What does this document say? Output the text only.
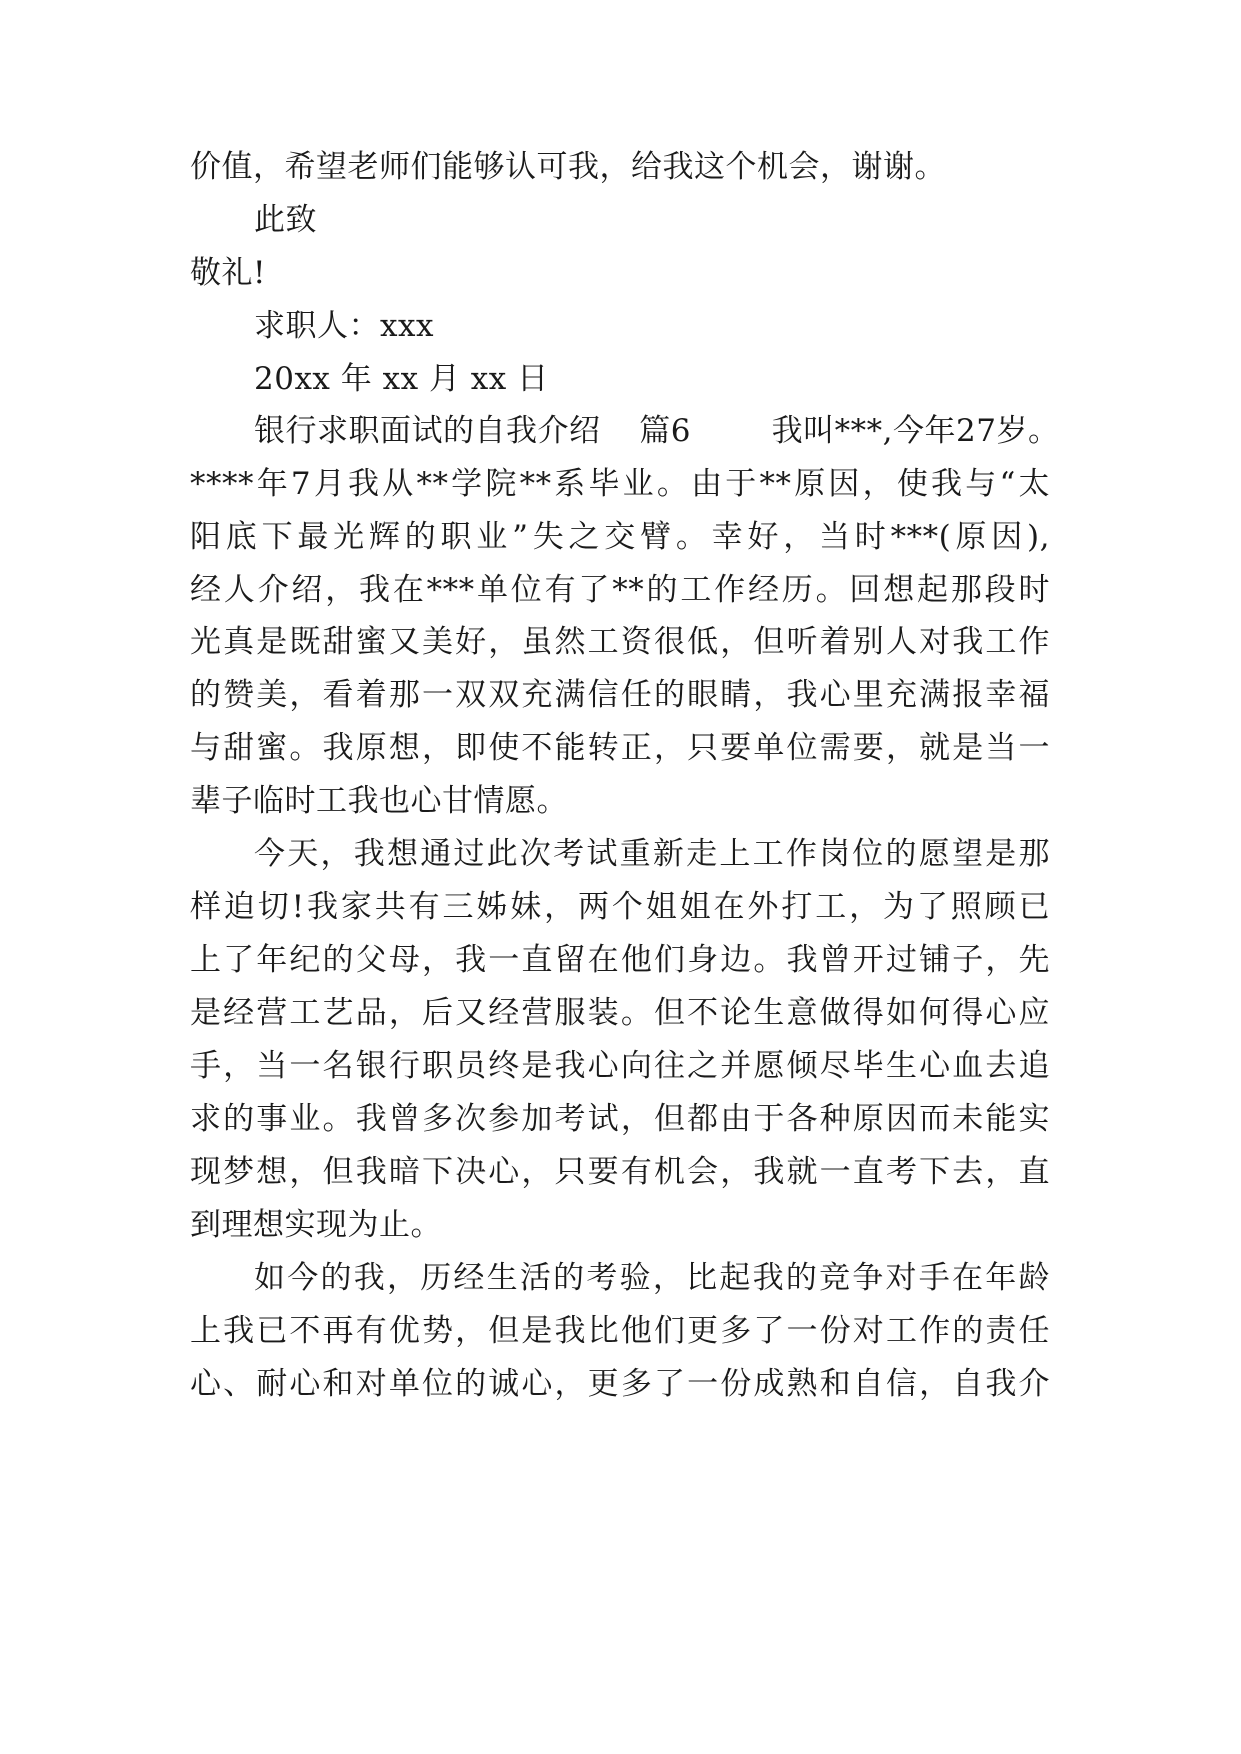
价值，希望老师们能够认可我，给我这个机会，谢谢。
此致
敬礼!
求职人：xxx
20xx 年 xx 月 xx 日
银行求职面试的自我介绍 篇6	我叫***,今年27岁。
****年7月我从**学院**系毕业。由于**原因，使我与“太
阳底下最光辉的职业”失之交臂。幸好，当时***(原因),
经人介绍，我在***单位有了**的工作经历。回想起那段时
光真是既甜蜜又美好，虽然工资很低，但听着别人对我工作
的赞美，看着那一双双充满信任的眼睛，我心里充满报幸福
与甜蜜。我原想，即使不能转正，只要单位需要，就是当一
辈子临时工我也心甘情愿。
今天，我想通过此次考试重新走上工作岗位的愿望是那
样迫切!我家共有三姊妹，两个姐姐在外打工，为了照顾已
上了年纪的父母，我一直留在他们身边。我曾开过铺子，先
是经营工艺品，后又经营服装。但不论生意做得如何得心应
手，当一名银行职员终是我心向往之并愿倾尽毕生心血去追
求的事业。我曾多次参加考试，但都由于各种原因而未能实
现梦想，但我暗下决心，只要有机会，我就一直考下去，直
到理想实现为止。
如今的我，历经生活的考验，比起我的竞争对手在年龄
上我已不再有优势，但是我比他们更多了一份对工作的责任
心、耐心和对单位的诚心，更多了一份成熟和自信，自我介
